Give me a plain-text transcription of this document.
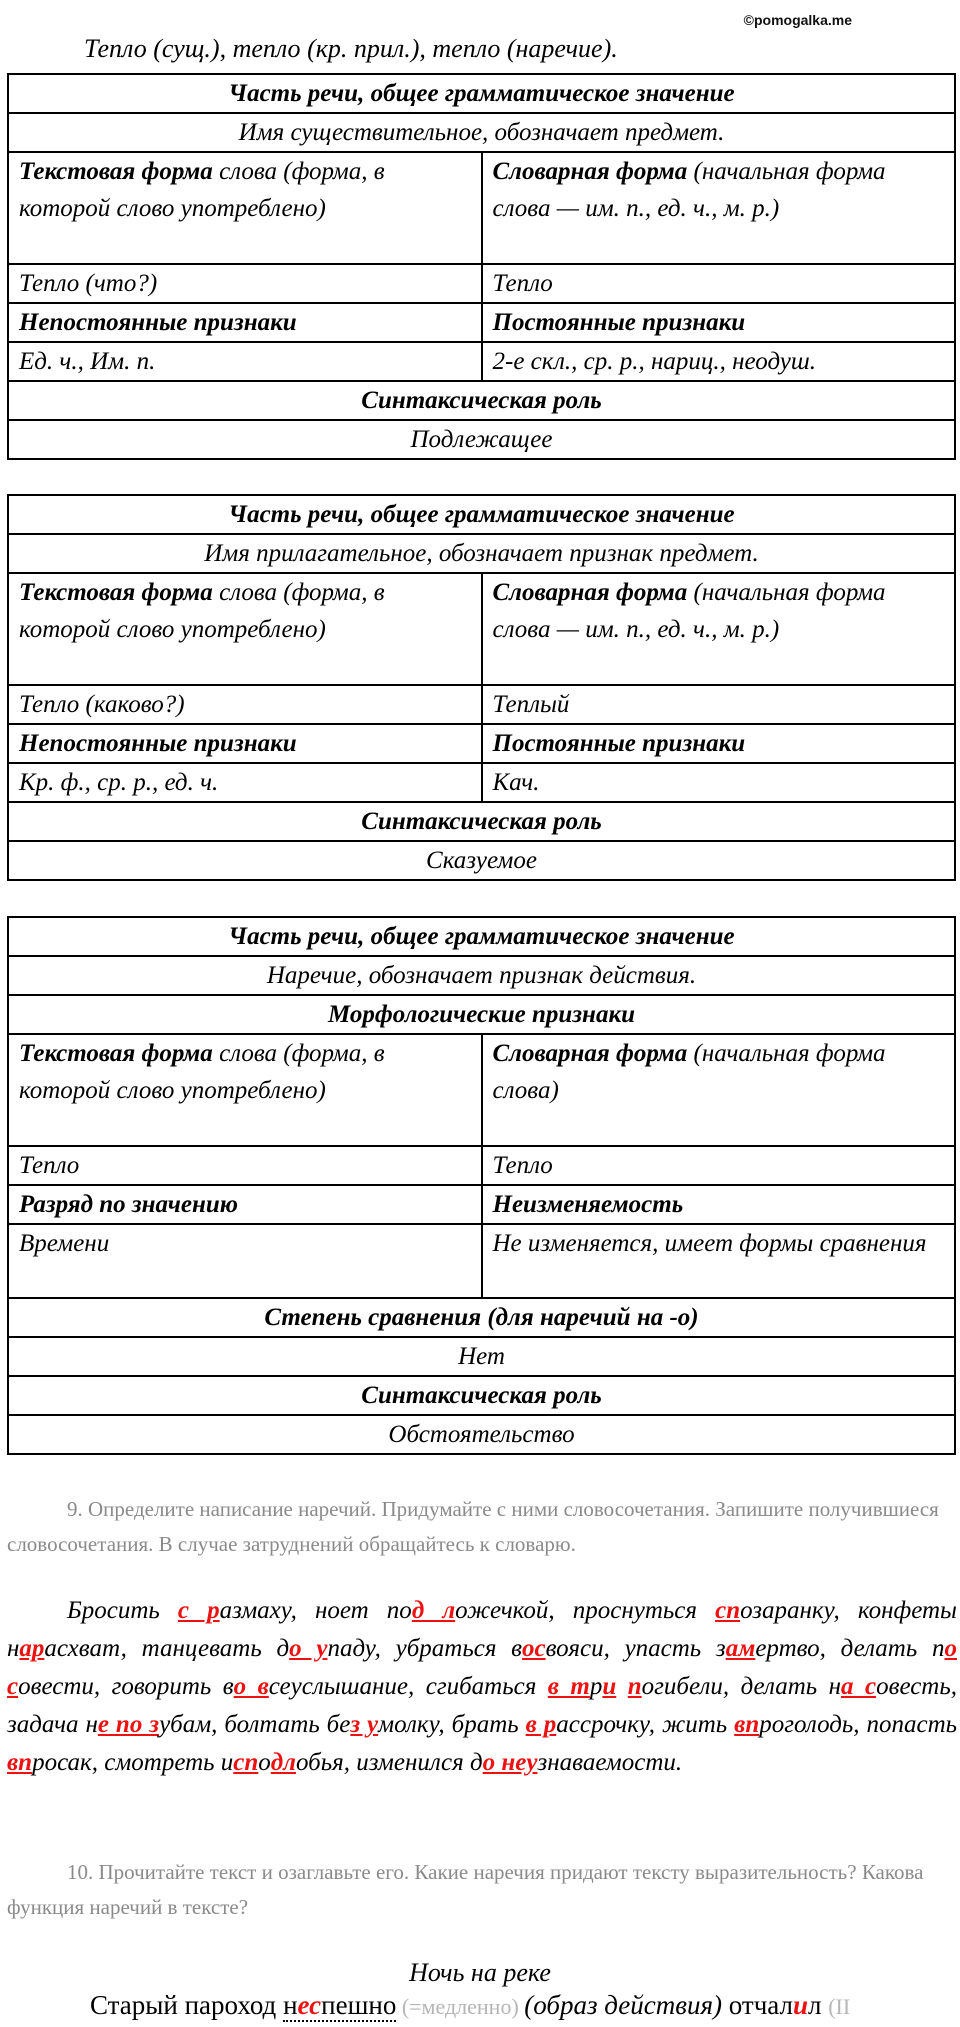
©pomogalka.me
Тепло (сущ.), тепло (кр. прил.), тепло (наречие).
Часть речи, общее грамматическое значение	
Имя существительное, обозначает предмет.	
Текстовая форма слова (форма, в которой слово употреблено)	Словарная форма (начальная форма слова — им. п., ед. ч., м. р.)
Тепло (что?)	Тепло
Непостоянные признаки	Постоянные признаки
Ед. ч., Им. п.	2-е скл., ср. р., нариц., неодуш.
Синтаксическая роль	
Подлежащее	
Часть речи, общее грамматическое значение	
Имя прилагательное, обозначает признак предмет.	
Текстовая форма слова (форма, в которой слово употреблено)	Словарная форма (начальная форма слова — им. п., ед. ч., м. р.)
Тепло (каково?)	Теплый
Непостоянные признаки	Постоянные признаки
Кр. ф., ср. р., ед. ч.	Кач.
Синтаксическая роль	
Сказуемое	
Часть речи, общее грамматическое значение	
Наречие, обозначает признак действия.	
Морфологические признаки	
Текстовая форма слова (форма, в которой слово употреблено)	Словарная форма (начальная форма слова)
Тепло	Тепло
Разряд по значению	Неизменяемость
Времени	Не изменяется, имеет формы сравнения
Степень сравнения (для наречий на -о)	
Нет	
Синтаксическая роль	
Обстоятельство	
9. Определите написание наречий. Придумайте с ними словосочетания. Запишите получившиеся словосочетания. В случае затруднений обращайтесь к словарю.
Бросить с размаху, ноет под ложечкой, проснуться спозаранку, конфеты нарасхват, танцевать до упаду, убраться восвояси, упасть замертво, делать по совести, говорить во всеуслышание, сгибаться в три погибели, делать на совесть, задача не по зубам, болтать без умолку, брать в рассрочку, жить впроголодь, попасть впросак, смотреть исподлобья, изменился до неузнаваемости.
10. Прочитайте текст и озаглавьте его. Какие наречия придают тексту выразительность? Какова функция наречий в тексте?
Ночь на реке
Старый пароход неспешно (=медленно) (образ действия) отчалил (II
